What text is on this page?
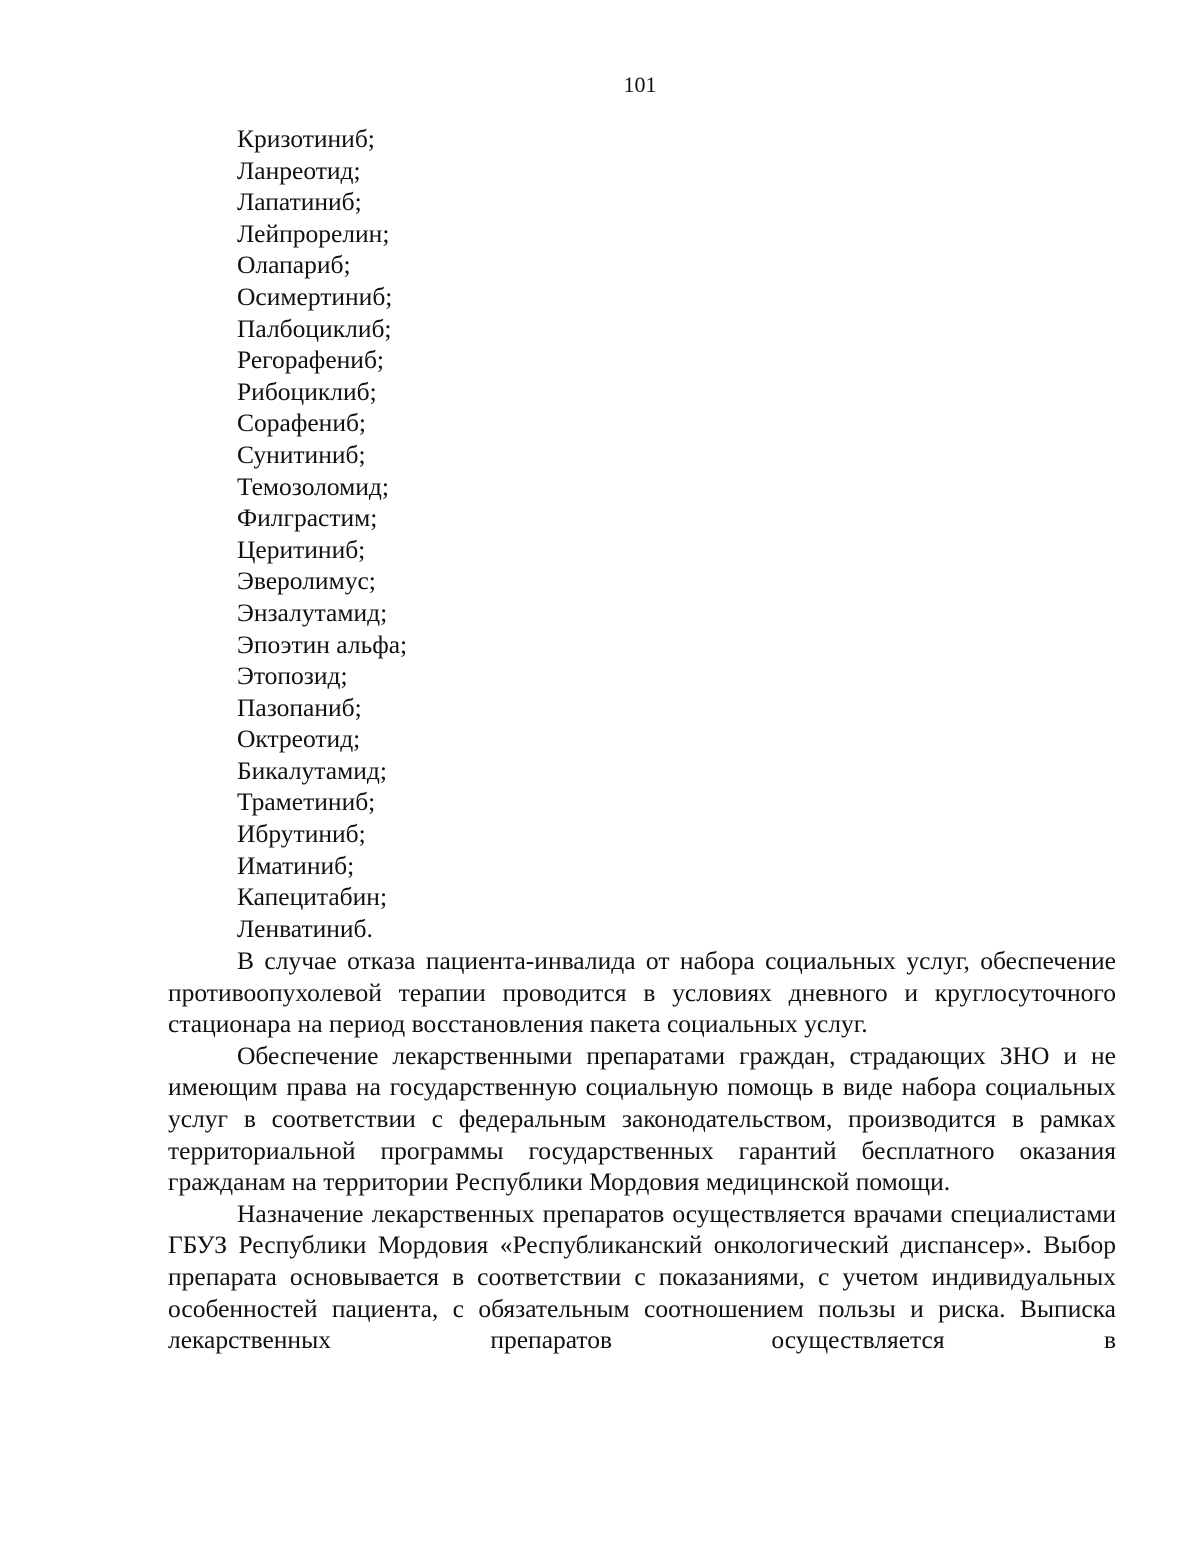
101
Кризотиниб;
Ланреотид;
Лапатиниб;
Лейпрорелин;
Олапариб;
Осимертиниб;
Палбоциклиб;
Регорафениб;
Рибоциклиб;
Сорафениб;
Сунитиниб;
Темозоломид;
Филграстим;
Церитиниб;
Эверолимус;
Энзалутамид;
Эпоэтин альфа;
Этопозид;
Пазопаниб;
Октреотид;
Бикалутамид;
Траметиниб;
Ибрутиниб;
Иматиниб;
Капецитабин;
Ленватиниб.

В случае отказа пациента-инвалида от набора социальных услуг, обеспечение противоопухолевой терапии проводится в условиях дневного и круглосуточного стационара на период восстановления пакета социальных услуг.

Обеспечение лекарственными препаратами граждан, страдающих ЗНО и не имеющим права на государственную социальную помощь в виде набора социальных услуг в соответствии с федеральным законодательством, производится в рамках территориальной программы государственных гарантий бесплатного оказания гражданам на территории Республики Мордовия медицинской помощи.

Назначение лекарственных препаратов осуществляется врачами специалистами ГБУЗ Республики Мордовия «Республиканский онкологический диспансер». Выбор препарата основывается в соответствии с показаниями, с учетом индивидуальных особенностей пациента, с обязательным соотношением пользы и риска. Выписка лекарственных препаратов осуществляется в
